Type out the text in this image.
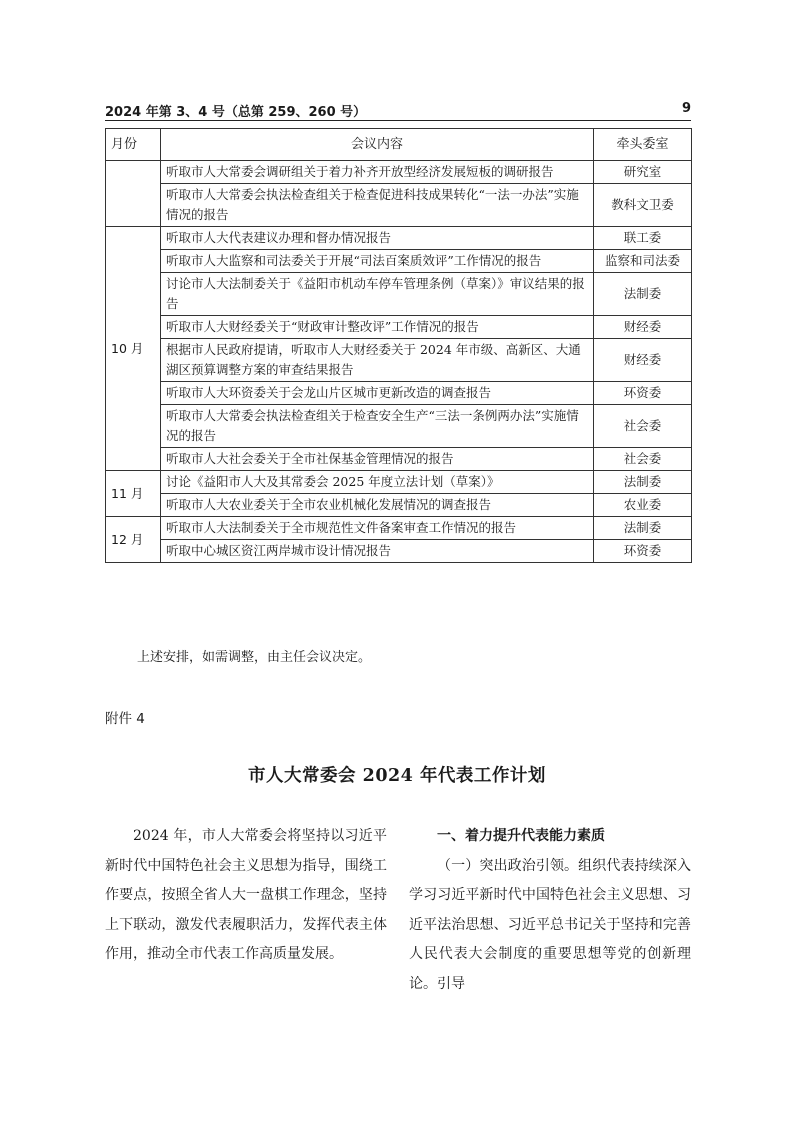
2024 年第 3、4 号（总第 259、260 号）	9
月份	会议内容	牵头委室
	听取市人大常委会调研组关于着力补齐开放型经济发展短板的调研报告	研究室
	听取市人大常委会执法检查组关于检查促进科技成果转化“一法一办法”实施情况的报告	教科文卫委
10 月	听取市人大代表建议办理和督办情况报告	联工委
	听取市人大监察和司法委关于开展“司法百案质效评”工作情况的报告	监察和司法委
	讨论市人大法制委关于《益阳市机动车停车管理条例（草案）》审议结果的报告	法制委
	听取市人大财经委关于“财政审计整改评”工作情况的报告	财经委
	根据市人民政府提请，听取市人大财经委关于 2024 年市级、高新区、大通湖区预算调整方案的审查结果报告	财经委
	听取市人大环资委关于会龙山片区城市更新改造的调查报告	环资委
	听取市人大常委会执法检查组关于检查安全生产“三法一条例两办法”实施情况的报告	社会委
	听取市人大社会委关于全市社保基金管理情况的报告	社会委
11 月	讨论《益阳市人大及其常委会 2025 年度立法计划（草案）》	法制委
	听取市人大农业委关于全市农业机械化发展情况的调查报告	农业委
12 月	听取市人大法制委关于全市规范性文件备案审查工作情况的报告	法制委
	听取中心城区资江两岸城市设计情况报告	环资委
上述安排，如需调整，由主任会议决定。
附件 4
市人大常委会 2024 年代表工作计划

2024 年，市人大常委会将坚持以习近平新时代中国特色社会主义思想为指导，围绕工作要点，按照全省人大一盘棋工作理念，坚持上下联动，激发代表履职活力，发挥代表主体作用，推动全市代表工作高质量发展。

一、着力提升代表能力素质

（一）突出政治引领。组织代表持续深入学习习近平新时代中国特色社会主义思想、习近平法治思想、习近平总书记关于坚持和完善人民代表大会制度的重要思想等党的创新理论。引导
